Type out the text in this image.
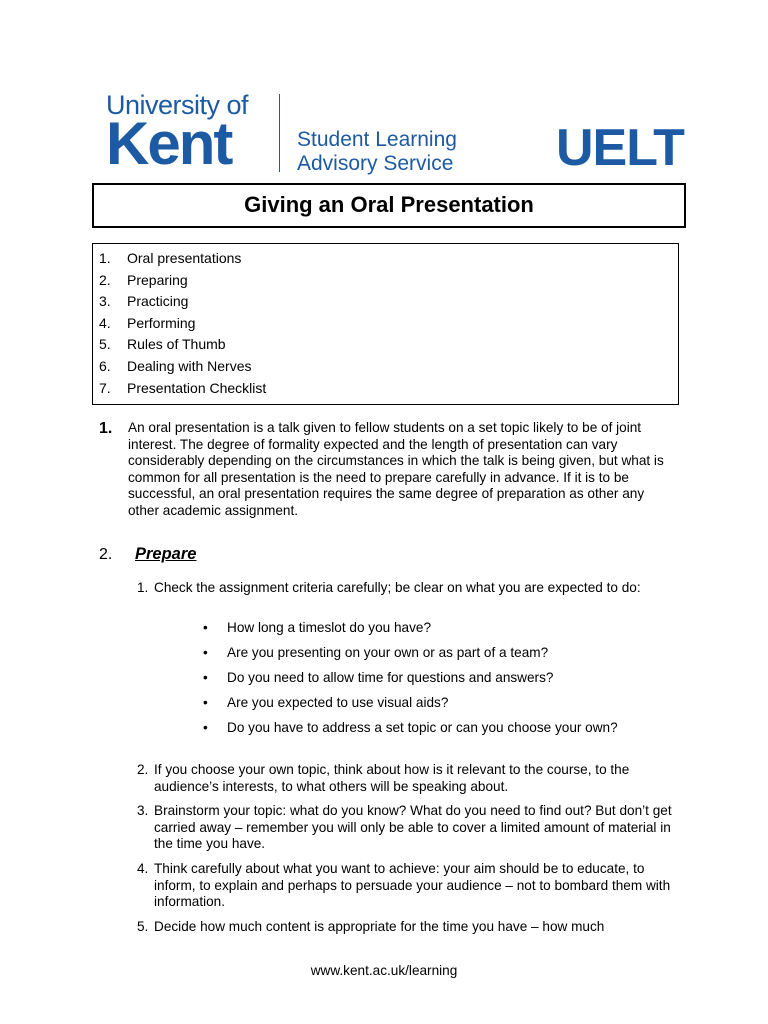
University of
Kent	Student Learning
Advisory Service UELT
Giving an Oral Presentation
1. Oral presentations
2. Preparing
3. Practicing
4. Performing
5. Rules of Thumb
6. Dealing with Nerves
7. Presentation Checklist
1. An oral presentation is a talk given to fellow students on a set topic likely to be of joint interest. The degree of formality expected and the length of presentation can vary considerably depending on the circumstances in which the talk is being given, but what is common for all presentation is the need to prepare carefully in advance. If it is to be successful, an oral presentation requires the same degree of preparation as other any other academic assignment.
2. Prepare
1. Check the assignment criteria carefully; be clear on what you are expected to do:
• How long a timeslot do you have?
• Are you presenting on your own or as part of a team?
• Do you need to allow time for questions and answers?
• Are you expected to use visual aids?
• Do you have to address a set topic or can you choose your own?
2. If you choose your own topic, think about how is it relevant to the course, to the audience’s interests, to what others will be speaking about.
3. Brainstorm your topic: what do you know? What do you need to find out? But don’t get carried away – remember you will only be able to cover a limited amount of material in the time you have.
4. Think carefully about what you want to achieve: your aim should be to educate, to inform, to explain and perhaps to persuade your audience – not to bombard them with information.
5. Decide how much content is appropriate for the time you have – how much
www.kent.ac.uk/learning
